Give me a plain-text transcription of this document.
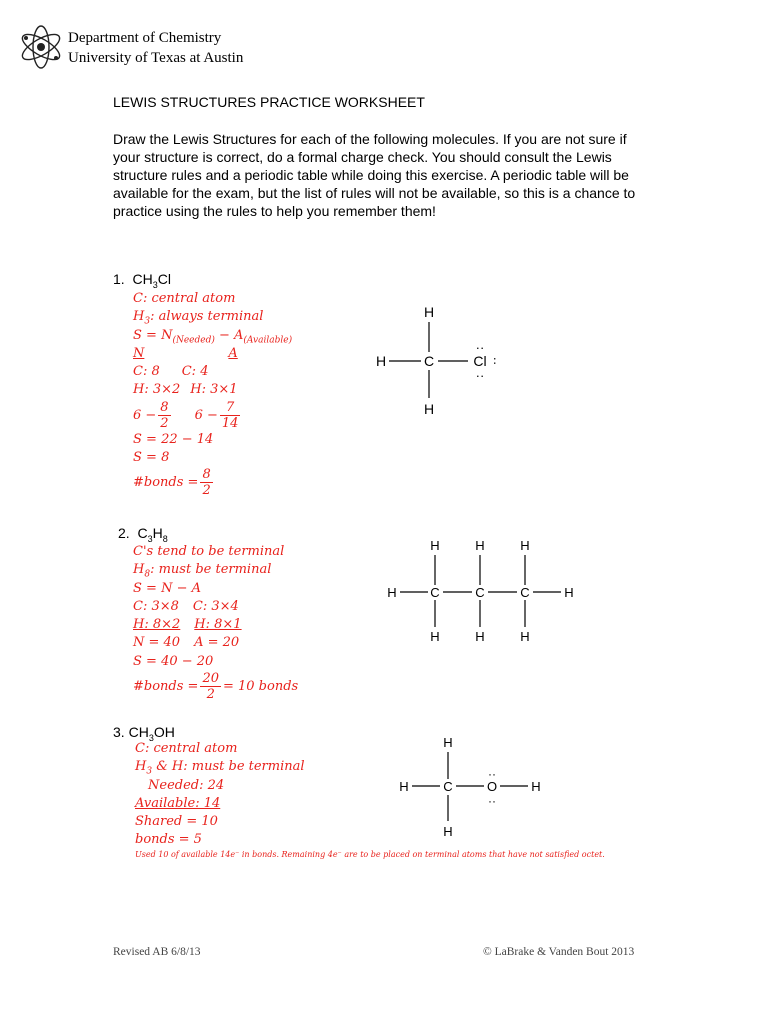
Department of Chemistry
University of Texas at Austin
LEWIS STRUCTURES PRACTICE WORKSHEET

Draw the Lewis Structures for each of the following molecules. If you are not sure if your structure is correct, do a formal charge check. You should consult the Lewis structure rules and a periodic table while doing this exercise. A periodic table will be available for the exam, but the list of rules will not be available, so this is a chance to practice using the rules to help you remember them!

1. $CH_3Cl$
C: central atom
$H_3$: always terminal
$S = N_{(Needed)} - A_{(Available)}$
N	A
C: 8 C: 4
H: 3×2 H: 3×1
$6 - \frac{8}{2} 6 - \frac{7}{14}$
S = 22 − 14
S = 8
#bonds = $\frac{8}{2}$
H
H	C	Cl
··
··
··
H
2. $C_3H_8$
C's tend to be terminal
$H_8$: must be terminal
S = N − A
C: 3×8 C: 3×4
H: 8×2 H: 8×1
N = 40 A = 20
S = 40 − 20
#bonds = $\frac{20}{2} = 10$ bonds
H	H	H
H	C	C	C	H
H	H	H
3. $CH_3OH$
C: central atom
$H_3$ & H: must be terminal
Needed: 24
Available: 14
Shared = 10
bonds = 5
Used 10 of available 14e⁻ in bonds. Remaining 4e⁻ are to be placed on terminal atoms that have not satisfied octet.
H
H	C	O
··
··
H
H
Revised AB 6/8/13	© LaBrake & Vanden Bout 2013
